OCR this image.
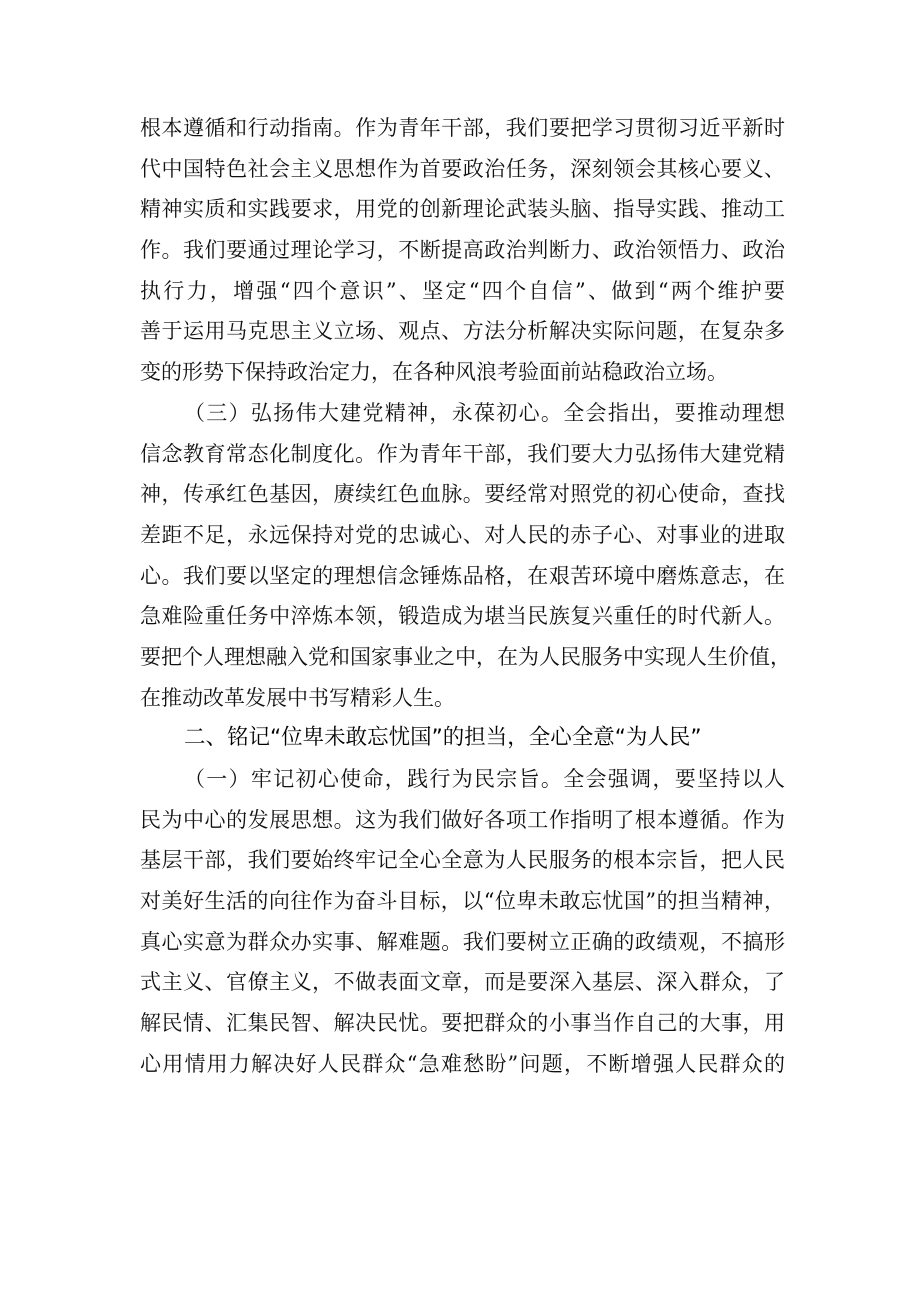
根本遵循和行动指南。作为青年干部，我们要把学习贯彻习近平新时
代中国特色社会主义思想作为首要政治任务，深刻领会其核心要义、
精神实质和实践要求，用党的创新理论武装头脑、指导实践、推动工
作。我们要通过理论学习，不断提高政治判断力、政治领悟力、政治
执行力，增强“四个意识”、坚定“四个自信”、做到“两个维护要
善于运用马克思主义立场、观点、方法分析解决实际问题，在复杂多
变的形势下保持政治定力，在各种风浪考验面前站稳政治立场。
（三）弘扬伟大建党精神，永葆初心。全会指出，要推动理想
信念教育常态化制度化。作为青年干部，我们要大力弘扬伟大建党精
神，传承红色基因，赓续红色血脉。要经常对照党的初心使命，查找
差距不足，永远保持对党的忠诚心、对人民的赤子心、对事业的进取
心。我们要以坚定的理想信念锤炼品格，在艰苦环境中磨炼意志，在
急难险重任务中淬炼本领，锻造成为堪当民族复兴重任的时代新人。
要把个人理想融入党和国家事业之中，在为人民服务中实现人生价值，
在推动改革发展中书写精彩人生。
二、铭记“位卑未敢忘忧国”的担当，全心全意“为人民”
（一）牢记初心使命，践行为民宗旨。全会强调，要坚持以人
民为中心的发展思想。这为我们做好各项工作指明了根本遵循。作为
基层干部，我们要始终牢记全心全意为人民服务的根本宗旨，把人民
对美好生活的向往作为奋斗目标，以“位卑未敢忘忧国”的担当精神，
真心实意为群众办实事、解难题。我们要树立正确的政绩观，不搞形
式主义、官僚主义，不做表面文章，而是要深入基层、深入群众，了
解民情、汇集民智、解决民忧。要把群众的小事当作自己的大事，用
心用情用力解决好人民群众“急难愁盼”问题，不断增强人民群众的
